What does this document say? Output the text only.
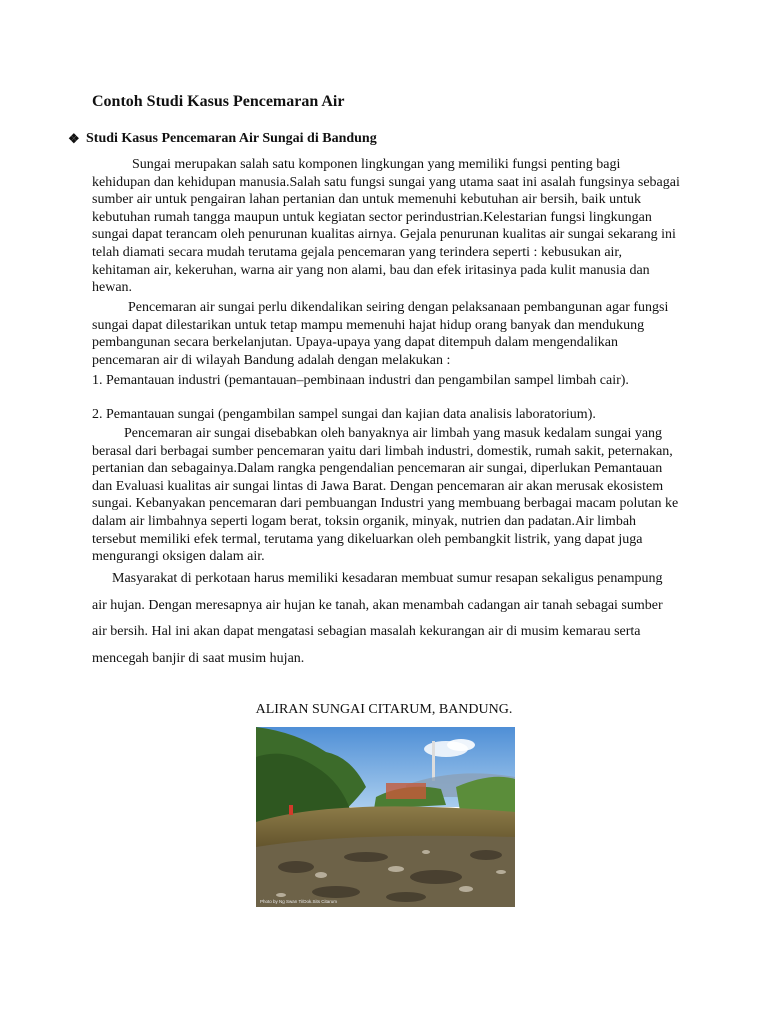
Contoh Studi Kasus Pencemaran Air
❖ Studi Kasus Pencemaran Air Sungai di Bandung

Sungai merupakan salah satu komponen lingkungan yang memiliki fungsi penting bagi kehidupan dan kehidupan manusia.Salah satu fungsi sungai yang utama saat ini asalah fungsinya sebagai sumber air untuk pengairan lahan pertanian dan untuk memenuhi kebutuhan air bersih, baik untuk kebutuhan rumah tangga maupun untuk kegiatan sector perindustrian.Kelestarian fungsi lingkungan sungai dapat terancam oleh penurunan kualitas airnya. Gejala penurunan kualitas air sungai sekarang ini telah diamati secara mudah terutama gejala pencemaran yang terindera seperti : kebusukan air, kehitaman air, kekeruhan, warna air yang non alami, bau dan efek iritasinya pada kulit manusia dan hewan.

Pencemaran air sungai perlu dikendalikan seiring dengan pelaksanaan pembangunan agar fungsi sungai dapat dilestarikan untuk tetap mampu memenuhi hajat hidup orang banyak dan mendukung pembangunan secara berkelanjutan. Upaya-upaya yang dapat ditempuh dalam mengendalikan pencemaran air di wilayah Bandung adalah dengan melakukan :

1. Pemantauan industri (pemantauan–pembinaan industri dan pengambilan sampel limbah cair).

2. Pemantauan sungai (pengambilan sampel sungai dan kajian data analisis laboratorium).

Pencemaran air sungai disebabkan oleh banyaknya air limbah yang masuk kedalam sungai yang berasal dari berbagai sumber pencemaran yaitu dari limbah industri, domestik, rumah sakit, peternakan, pertanian dan sebagainya.Dalam rangka pengendalian pencemaran air sungai, diperlukan Pemantauan dan Evaluasi kualitas air sungai lintas di Jawa Barat. Dengan pencemaran air akan merusak ekosistem sungai. Kebanyakan pencemaran dari pembuangan Industri yang membuang berbagai macam polutan ke dalam air limbahnya seperti logam berat, toksin organik, minyak, nutrien dan padatan.Air limbah tersebut memiliki efek termal, terutama yang dikeluarkan oleh pembangkit listrik, yang dapat juga mengurangi oksigen dalam air.

Masyarakat di perkotaan harus memiliki kesadaran membuat sumur resapan sekaligus penampung air hujan. Dengan meresapnya air hujan ke tanah, akan menambah cadangan air tanah sebagai sumber air bersih. Hal ini akan dapat mengatasi sebagian masalah kekurangan air di musim kemarau serta mencegah banjir di saat musim hujan.

ALIRAN SUNGAI CITARUM, BANDUNG.

Photo by Ng Swan Ti/Dok.Sits Citarum
